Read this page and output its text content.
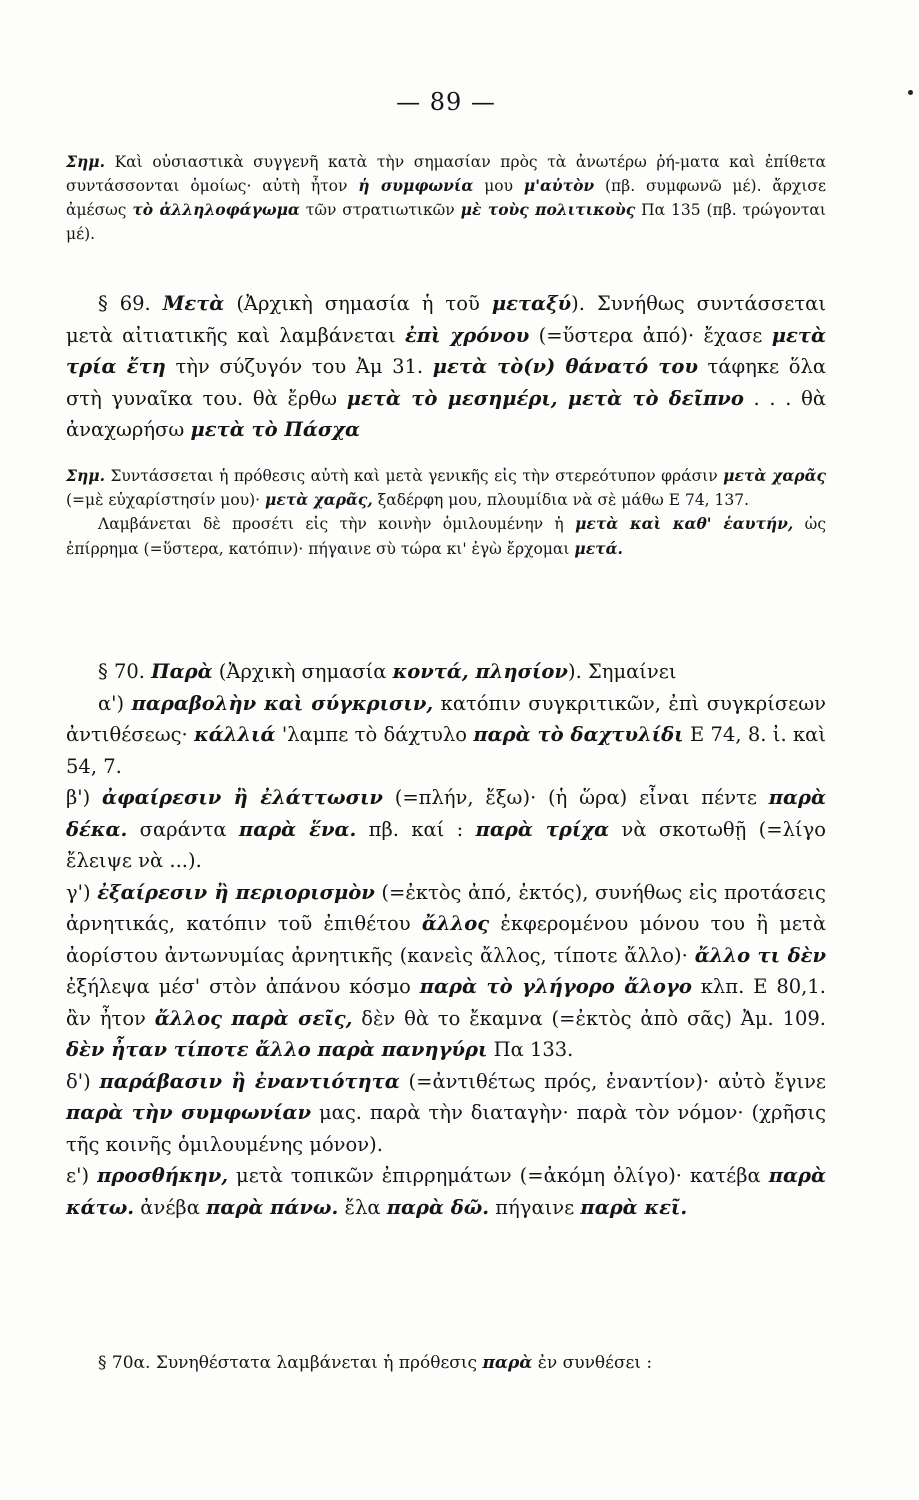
— 89 —

Σημ. Καὶ οὐσιαστικὰ συγγενῆ κατὰ τὴν σημασίαν πρὸς τὰ ἀνωτέρω ῥή-ματα καὶ ἐπίθετα συντάσσονται ὁμοίως· αὐτὴ ἦτον ἡ συμφωνία μου μ'αὐτὸν (πβ. συμφωνῶ μέ). ἄρχισε ἀμέσως τὸ ἀλληλοφάγωμα τῶν στρατιωτικῶν μὲ τοὺς πολιτικοὺς Πα 135 (πβ. τρώγονται μέ).

§ 69. Μετὰ (Ἀρχικὴ σημασία ἡ τοῦ μεταξύ). Συνήθως συντάσσεται μετὰ αἰτιατικῆς καὶ λαμβάνεται ἐπὶ χρόνου (=ὕστερα ἀπό)· ἔχασε μετὰ τρία ἔτη τὴν σύζυγόν του Ἀμ 31. μετὰ τὸ(ν) θάνατό του τάφηκε ὅλα στὴ γυναῖκα του. θὰ ἔρθω μετὰ τὸ μεσημέρι, μετὰ τὸ δεῖπνο . . . θὰ ἀναχωρήσω μετὰ τὸ Πάσχα

Σημ. Συντάσσεται ἡ πρόθεσις αὐτὴ καὶ μετὰ γενικῆς εἰς τὴν στερεότυπον φράσιν μετὰ χαρᾶς (=μὲ εὐχαρίστησίν μου)· μετὰ χαρᾶς, ξαδέρφη μου, πλουμίδια νὰ σὲ μάθω Ε 74, 137.

Λαμβάνεται δὲ προσέτι εἰς τὴν κοινὴν ὁμιλουμένην ἡ μετὰ καὶ καθ' ἑαυτήν, ὡς ἐπίρρημα (=ὕστερα, κατόπιν)· πήγαινε σὺ τώρα κι' ἐγὼ ἔρχομαι μετά.

§ 70. Παρὰ (Ἀρχικὴ σημασία κοντά, πλησίον). Σημαίνει

α') παραβολὴν καὶ σύγκρισιν, κατόπιν συγκριτικῶν, ἐπὶ συγκρίσεων ἀντιθέσεως· κάλλιά 'λαμπε τὸ δάχτυλο παρὰ τὸ δαχτυλίδι Ε 74, 8. ἰ. καὶ 54, 7.

β') ἀφαίρεσιν ἢ ἐλάττωσιν (=πλήν, ἔξω)· (ἡ ὥρα) εἶναι πέντε παρὰ δέκα. σαράντα παρὰ ἕνα. πβ. καί : παρὰ τρίχα νὰ σκοτωθῇ (=λίγο ἔλειψε νὰ ...).

γ') ἐξαίρεσιν ἢ περιορισμὸν (=ἐκτὸς ἀπό, ἐκτός), συνήθως εἰς προτάσεις ἀρνητικάς, κατόπιν τοῦ ἐπιθέτου ἄλλος ἐκφερομένου μόνου του ἢ μετὰ ἀορίστου ἀντωνυμίας ἀρνητικῆς (κανεὶς ἄλλος, τίποτε ἄλλο)· ἄλλο τι δὲν ἐξήλεψα μέσ' στὸν ἀπάνου κόσμο παρὰ τὸ γλήγορο ἄλογο κλπ. Ε 80,1. ἂν ἦτον ἄλλος παρὰ σεῖς, δὲν θὰ το ἔκαμνα (=ἐκτὸς ἀπὸ σᾶς) Ἀμ. 109. δὲν ἦταν τίποτε ἄλλο παρὰ πανηγύρι Πα 133.

δ') παράβασιν ἢ ἐναντιότητα (=ἀντιθέτως πρός, ἐναντίον)· αὐτὸ ἔγινε παρὰ τὴν συμφωνίαν μας. παρὰ τὴν διαταγὴν· παρὰ τὸν νόμον· (χρῆσις τῆς κοινῆς ὁμιλουμένης μόνον).

ε') προσθήκην, μετὰ τοπικῶν ἐπιρρημάτων (=ἀκόμη ὀλίγο)· κατέβα παρὰ κάτω. ἀνέβα παρὰ πάνω. ἔλα παρὰ δῶ. πήγαινε παρὰ κεῖ.

§ 70α. Συνηθέστατα λαμβάνεται ἡ πρόθεσις παρὰ ἐν συνθέσει :
